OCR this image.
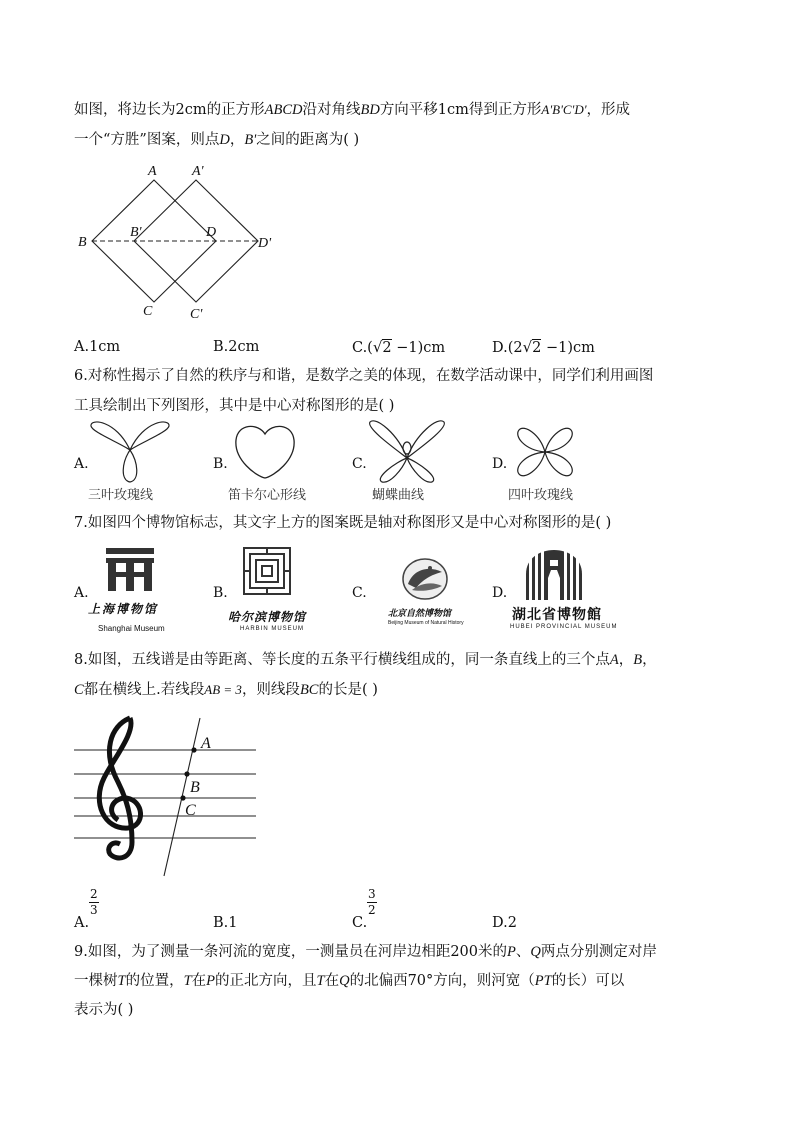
如图，将边长为2cm的正方形ABCD沿对角线BD方向平移1cm得到正方形A'B'C'D'，形成
一个“方胜”图案，则点D，B'之间的距离为( )
A	A'
B
B'	D
D'
C	C'
A.1cm	B.2cm	C.(√2 −1)cm	D.(2√2 −1)cm
6.对称性揭示了自然的秩序与和谐，是数学之美的体现，在数学活动课中，同学们利用画图
工具绘制出下列图形，其中是中心对称图形的是( )
A.
三叶玫瑰线
B.
笛卡尔心形线
C.
蝴蝶曲线
D.
四叶玫瑰线
7.如图四个博物馆标志，其文字上方的图案既是轴对称图形又是中心对称图形的是( )
A.
上海博物馆
Shanghai Museum
B.
哈尔滨博物馆
HARBIN MUSEUM
C.
北京自然博物馆
Beijing Museum of Natural History
D.
湖北省博物館
HUBEI PROVINCIAL MUSEUM
8.如图，五线谱是由等距离、等长度的五条平行横线组成的，同一条直线上的三个点A，B，
C都在横线上.若线段AB = 3，则线段BC的长是( )
A
B
C
A.
$\frac{2}{3}$
B.1	C.
$\frac{3}{2}$
D.2
9.如图，为了测量一条河流的宽度，一测量员在河岸边相距200米的P、Q两点分别测定对岸
一棵树T的位置，T在P的正北方向，且T在Q的北偏西70°方向，则河宽（PT的长）可以
表示为( )
